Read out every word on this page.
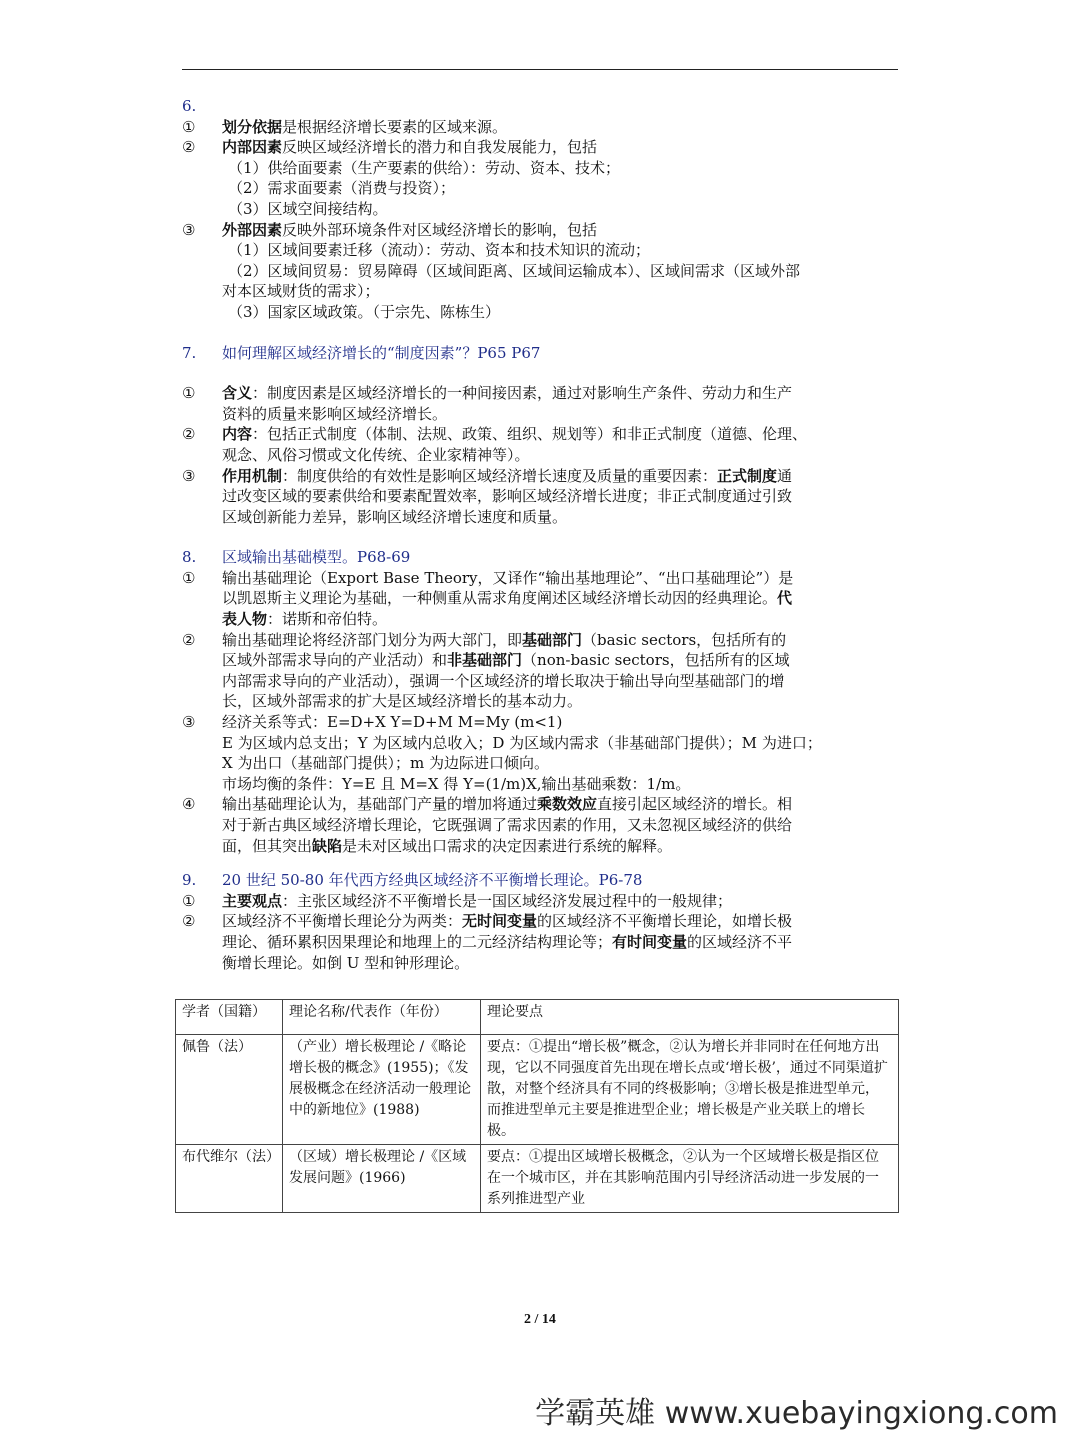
6.
① 划分依据是根据经济增长要素的区域来源。
② 内部因素反映区域经济增长的潜力和自我发展能力，包括
（1）供给面要素（生产要素的供给）：劳动、资本、技术；
（2）需求面要素（消费与投资）；
（3）区域空间接结构。
③ 外部因素反映外部环境条件对区域经济增长的影响，包括
（1）区域间要素迁移（流动）：劳动、资本和技术知识的流动；
（2）区域间贸易：贸易障碍（区域间距离、区域间运输成本）、区域间需求（区域外部
对本区域财货的需求）；
（3）国家区域政策。（于宗先、陈栋生）
7. 如何理解区域经济增长的“制度因素”？P65 P67
① 含义：制度因素是区域经济增长的一种间接因素，通过对影响生产条件、劳动力和生产
资料的质量来影响区域经济增长。
② 内容：包括正式制度（体制、法规、政策、组织、规划等）和非正式制度（道德、伦理、
观念、风俗习惯或文化传统、企业家精神等）。
③ 作用机制：制度供给的有效性是影响区域经济增长速度及质量的重要因素：正式制度通
过改变区域的要素供给和要素配置效率，影响区域经济增长进度；非正式制度通过引致
区域创新能力差异，影响区域经济增长速度和质量。
8. 区域输出基础模型。P68-69
① 输出基础理论（Export Base Theory，又译作“输出基地理论”、“出口基础理论”）是
以凯恩斯主义理论为基础，一种侧重从需求角度阐述区域经济增长动因的经典理论。代
表人物：诺斯和帝伯特。
② 输出基础理论将经济部门划分为两大部门，即基础部门（basic sectors，包括所有的
区域外部需求导向的产业活动）和非基础部门（non-basic sectors，包括所有的区域
内部需求导向的产业活动），强调一个区域经济的增长取决于输出导向型基础部门的增
长，区域外部需求的扩大是区域经济增长的基本动力。
③ 经济关系等式：E=D+X Y=D+M M=My (m<1)
E 为区域内总支出；Y 为区域内总收入；D 为区域内需求（非基础部门提供）；M 为进口；
X 为出口（基础部门提供）；m 为边际进口倾向。
市场均衡的条件：Y=E 且 M=X 得 Y=(1/m)X,输出基础乘数：1/m。
④ 输出基础理论认为，基础部门产量的增加将通过乘数效应直接引起区域经济的增长。相
对于新古典区域经济增长理论，它既强调了需求因素的作用，又未忽视区域经济的供给
面，但其突出缺陷是未对区域出口需求的决定因素进行系统的解释。
9. 20 世纪 50-80 年代西方经典区域经济不平衡增长理论。P6-78
① 主要观点：主张区域经济不平衡增长是一国区域经济发展过程中的一般规律；
② 区域经济不平衡增长理论分为两类：无时间变量的区域经济不平衡增长理论，如增长极
理论、循环累积因果理论和地理上的二元经济结构理论等；有时间变量的区域经济不平
衡增长理论。如倒 U 型和钟形理论。
学者（国籍）	理论名称/代表作（年份）	理论要点
佩鲁（法）	（产业）增长极理论 /《略论增长极的概念》(1955)；《发展极概念在经济活动一般理论中的新地位》(1988)	要点：①提出“增长极”概念，②认为增长并非同时在任何地方出现，它以不同强度首先出现在增长点或‘增长极’，通过不同渠道扩散，对整个经济具有不同的终极影响；③增长极是推进型单元，而推进型单元主要是推进型企业；增长极是产业关联上的增长极。
布代维尔（法）	（区域）增长极理论 /《区域发展问题》(1966)	要点：①提出区域增长极概念，②认为一个区域增长极是指区位在一个城市区，并在其影响范围内引导经济活动进一步发展的一系列推进型产业
2 / 14
学霸英雄 www.xuebayingxiong.com
